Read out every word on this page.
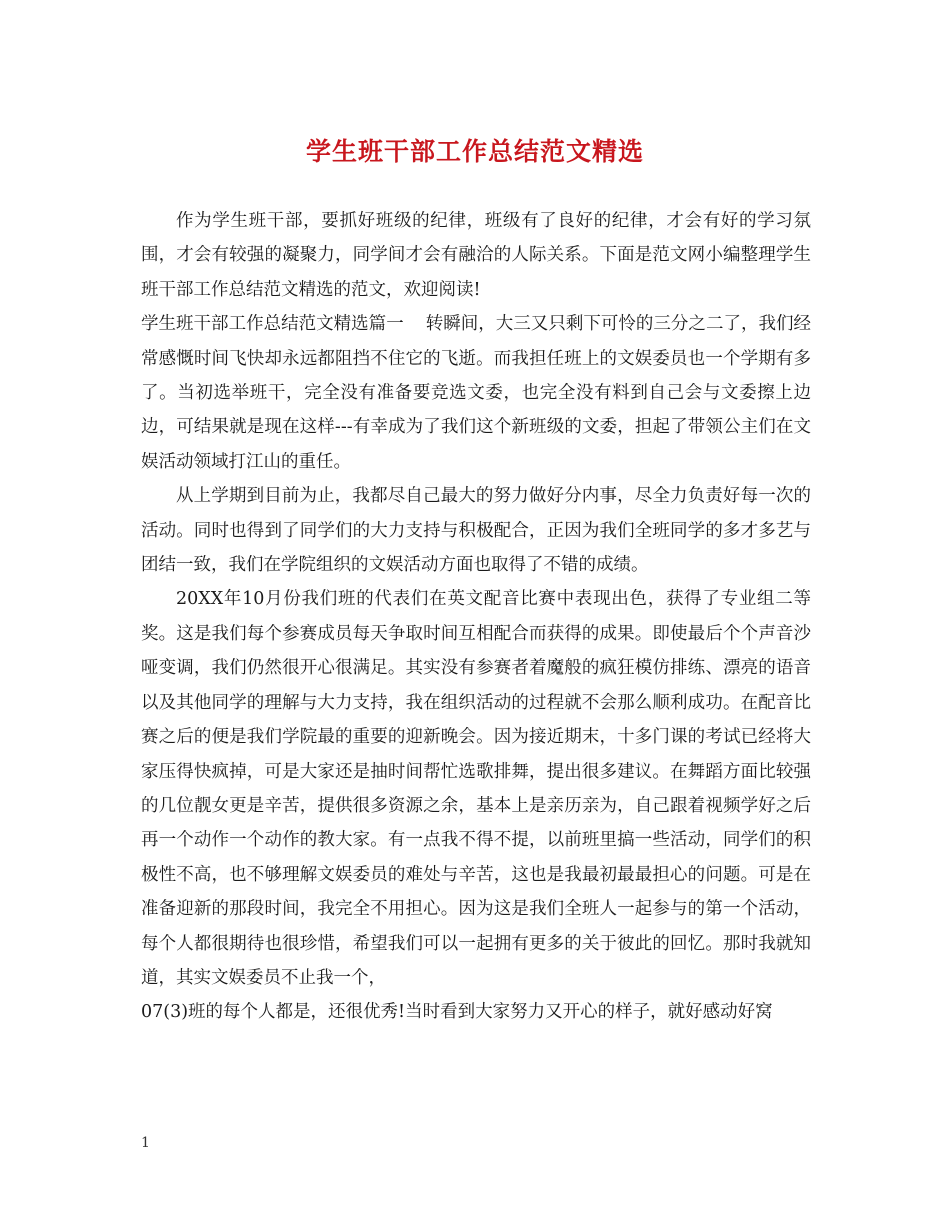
学生班干部工作总结范文精选

作为学生班干部，要抓好班级的纪律，班级有了良好的纪律，才会有好的学习氛围，才会有较强的凝聚力，同学间才会有融洽的人际关系。下面是范文网小编整理学生班干部工作总结范文精选的范文，欢迎阅读!

学生班干部工作总结范文精选篇一 转瞬间，大三又只剩下可怜的三分之二了，我们经常感慨时间飞快却永远都阻挡不住它的飞逝。而我担任班上的文娱委员也一个学期有多了。当初选举班干，完全没有准备要竞选文委，也完全没有料到自己会与文委擦上边边，可结果就是现在这样---有幸成为了我们这个新班级的文委，担起了带领公主们在文娱活动领域打江山的重任。

从上学期到目前为止，我都尽自己最大的努力做好分内事，尽全力负责好每一次的活动。同时也得到了同学们的大力支持与积极配合，正因为我们全班同学的多才多艺与团结一致，我们在学院组织的文娱活动方面也取得了不错的成绩。

20XX年10月份我们班的代表们在英文配音比赛中表现出色，获得了专业组二等奖。这是我们每个参赛成员每天争取时间互相配合而获得的成果。即使最后个个声音沙哑变调，我们仍然很开心很满足。其实没有参赛者着魔般的疯狂模仿排练、漂亮的语音以及其他同学的理解与大力支持，我在组织活动的过程就不会那么顺利成功。在配音比赛之后的便是我们学院最的重要的迎新晚会。因为接近期末，十多门课的考试已经将大家压得快疯掉，可是大家还是抽时间帮忙选歌排舞，提出很多建议。在舞蹈方面比较强的几位靓女更是辛苦，提供很多资源之余，基本上是亲历亲为，自己跟着视频学好之后再一个动作一个动作的教大家。有一点我不得不提，以前班里搞一些活动，同学们的积极性不高，也不够理解文娱委员的难处与辛苦，这也是我最初最最担心的问题。可是在准备迎新的那段时间，我完全不用担心。因为这是我们全班人一起参与的第一个活动，每个人都很期待也很珍惜，希望我们可以一起拥有更多的关于彼此的回忆。那时我就知道，其实文娱委员不止我一个，

07(3)班的每个人都是，还很优秀!当时看到大家努力又开心的样子，就好感动好窝

1
